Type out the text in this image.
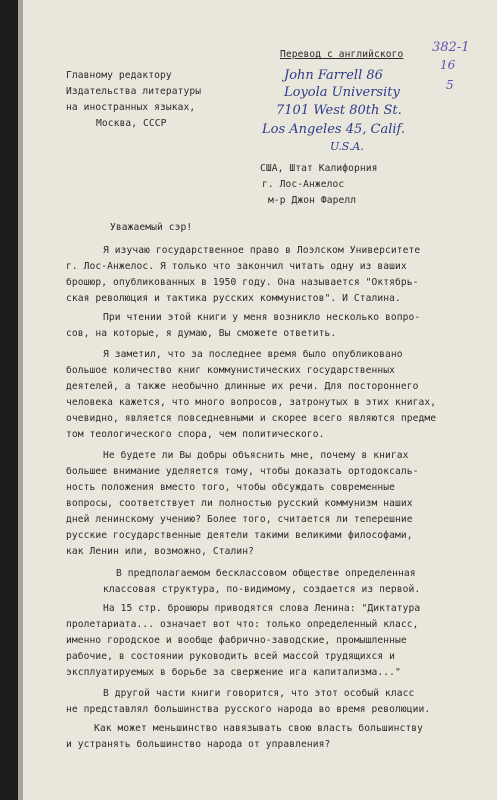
Главному редактору
Издательства литературы
на иностранных языках,
Москва, СССР
Перевод с английского 382-1
16
5
John Farrell 86
Loyola University
7101 West 80th St.
Los Angeles 45, Calif.
U.S.A.
США, Штат Калифорния
г. Лос-Анжелос
м-р Джон Фарелл
Уважаемый сэр!
Я изучаю государственное право в Лоэлском Университете
г. Лос-Анжелос. Я только что закончил читать одну из ваших
брошюр, опубликованных в 1950 году. Она называется "Октябрь-
ская революция и тактика русских коммунистов". И Сталина.
При чтении этой книги у меня возникло несколько вопро-
сов, на которые, я думаю, Вы сможете ответить.
Я заметил, что за последнее время было опубликовано
большое количество книг коммунистических государственных
деятелей, а также необычно длинные их речи. Для постороннего
человека кажется, что много вопросов, затронутых в этих книгах,
очевидно, является повседневными и скорее всего являются предме
том теологического спора, чем политического.
Не будете ли Вы добры объяснить мне, почему в книгах
большее внимание уделяется тому, чтобы доказать ортодоксаль-
ность положения вместо того, чтобы обсуждать современные
вопросы, соответствует ли полностью русский коммунизм наших
дней ленинскому учению? Более того, считается ли теперешние
русские государственные деятели такими великими философами,
как Ленин или, возможно, Сталин?
В предполагаемом бесклассовом обществе определенная
классовая структура, по-видимому, создается из первой.
На 15 стр. брошюры приводятся слова Ленина: "Диктатура
пролетариата... означает вот что: только определенный класс,
именно городское и вообще фабрично-заводские, промышленные
рабочие, в состоянии руководить всей массой трудящихся и
эксплуатируемых в борьбе за свержение ига капитализма..."
В другой части книги говорится, что этот особый класс
не представлял большинства русского народа во время революции.
Как может меньшинство навязывать свою власть большинству
и устранять большинство народа от управления?
